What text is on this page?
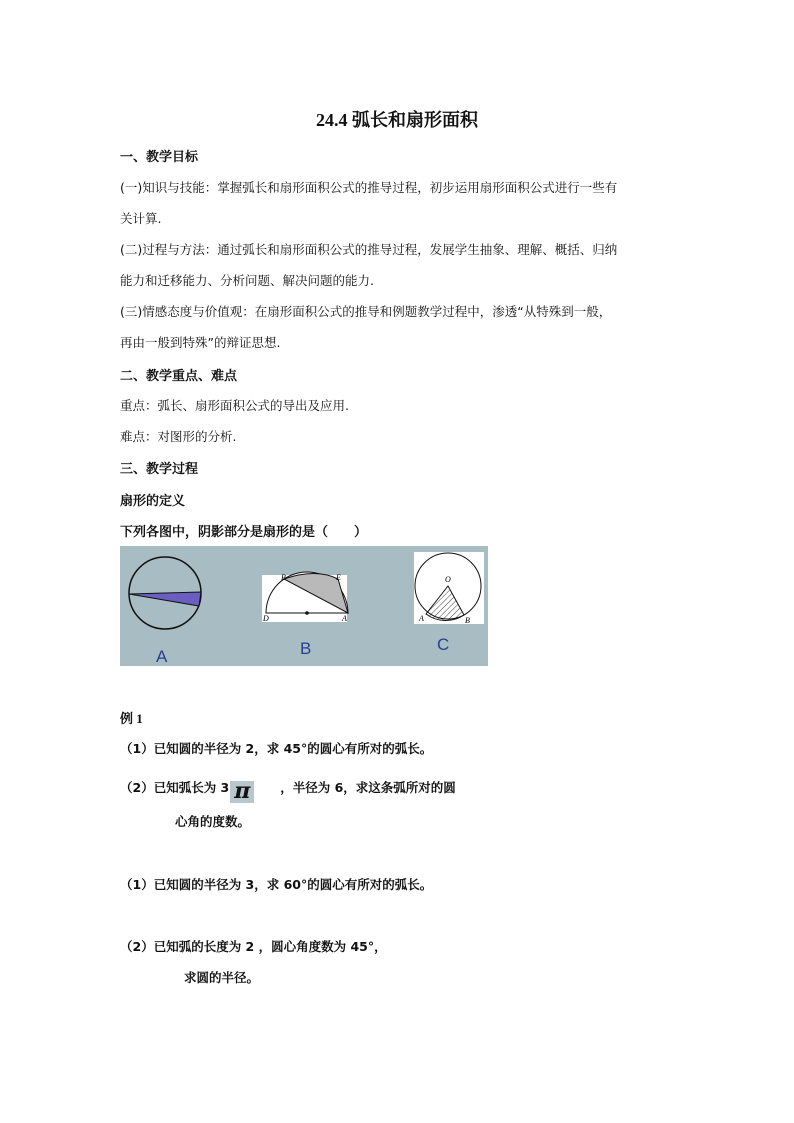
24.4 弧长和扇形面积
一、教学目标
(一)知识与技能：掌握弧长和扇形面积公式的推导过程，初步运用扇形面积公式进行一些有
关计算.
(二)过程与方法：通过弧长和扇形面积公式的推导过程，发展学生抽象、理解、概括、归纳
能力和迁移能力、分析问题、解决问题的能力.
(三)情感态度与价值观：在扇形面积公式的推导和例题教学过程中，渗透“从特殊到一般，
再由一般到特殊”的辩证思想.
二、教学重点、难点
重点：弧长、扇形面积公式的导出及应用.
难点：对图形的分析.
三、教学过程
扇形的定义
下列各图中，阴影部分是扇形的是（　　）
A
B	E
D	A
B
O
A	B
C
例 1
（1）已知圆的半径为 2，求 45°的圆心有所对的弧长。
（2）已知弧长为 3 π ，半径为 6，求这条弧所对的圆
心角的度数。
（1）已知圆的半径为 3，求 60°的圆心有所对的弧长。
（2）已知弧的长度为 2 ，圆心角度数为 45°，
求圆的半径。
